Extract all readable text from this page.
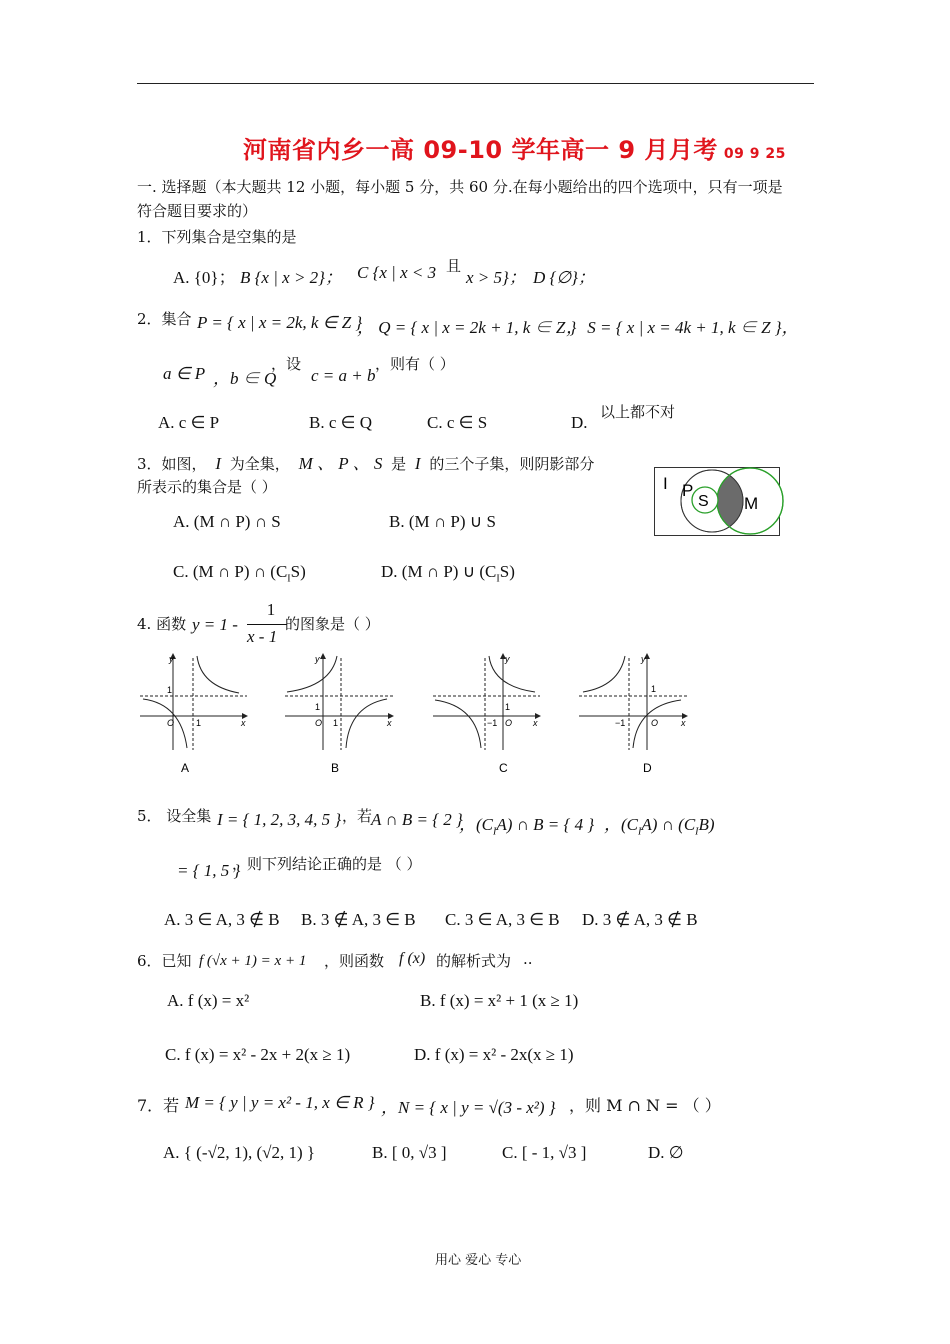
河南省内乡一高 09-10 学年高一 9 月月考 09 9 25
一. 选择题（本大题共 12 小题，每小题 5 分，共 60 分.在每小题给出的四个选项中，只有一项是
符合题目要求的）
1．下列集合是空集的是
A. {0}； B {x | x > 2}； C {x | x < 3 且
x > 5}； D {∅}；
2．集合 P = { x | x = 2k, k ∈ Z }
， Q = { x | x = 2k + 1, k ∈ Z }
， S = { x | x = 4k + 1, k ∈ Z }，
a ∈ P ，b ∈ Q
，设
c = a + b
，则有（ ）
A. c ∈ P	B. c ∈ Q	C. c ∈ S	D.
以上都不对
3．如图， I 为全集， M 、 P 、 S 是 I 的三个子集，则阴影部分
所表示的集合是（ ）
A. (M ∩ P) ∩ S	B. (M ∩ P) ∪ S
C. (M ∩ P) ∩ $(C_IS)$	D. (M ∩ P) ∪ $(C_IS)$
I P
S M
4. 函数 y = 1 -
1
x - 1
的图象是（ ）
y
x
O
1
1
y
x
O
1
1
y
x
O
1
−1
y
x
O
1
−1
A	B	C	D
5． 设全集 I = { 1, 2, 3, 4, 5 } ，若
A ∩ B = { 2 }
，$(C_IA)$ ∩ B = { 4 } ，$(C_IA)$ ∩ $(C_IB)$
= { 1, 5 }
，则下列结论正确的是 （ ）
A. 3 ∈ A, 3 ∉ B B. 3 ∉ A, 3 ∈ B C. 3 ∈ A, 3 ∈ B D. 3 ∉ A, 3 ∉ B
6．已知 f (√x + 1) = x + 1 ，则函数 f (x) 的解析式为 ..
A. f (x) = x²	B. f (x) = x² + 1 (x ≥ 1)
C. f (x) = x² - 2x + 2(x ≥ 1)	D. f (x) = x² - 2x(x ≥ 1)
7．若 M = { y | y = x² - 1, x ∈ R } ，N = { x | y = √(3 - x²) } ，则 M ∩ N = （ ）
A. { (-√2, 1), (√2, 1) }	B. [ 0, √3 ]	C. [ - 1, √3 ]	D. ∅
用心 爱心 专心
